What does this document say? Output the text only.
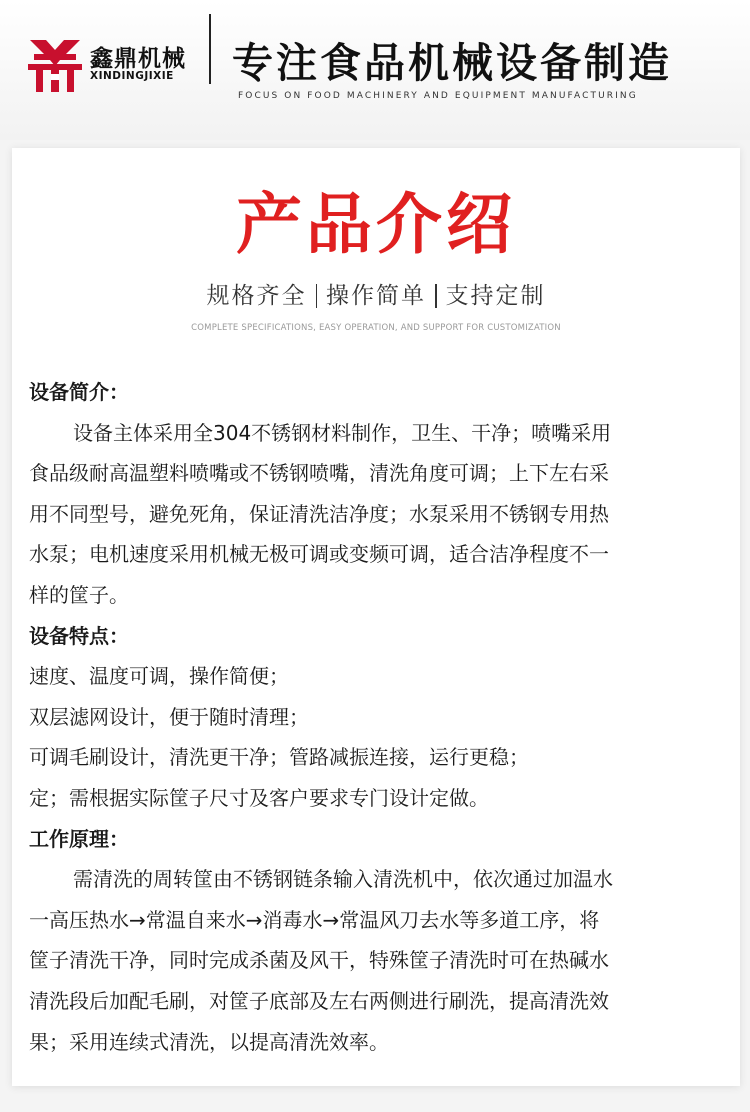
鑫鼎机械
XINDINGJIXIE 专注食品机械设备制造
FOCUS ON FOOD MACHINERY AND EQUIPMENT MANUFACTURING
产品介绍
规格齐全 操作简单 支持定制
COMPLETE SPECIFICATIONS, EASY OPERATION, AND SUPPORT FOR CUSTOMIZATION

设备简介：

设备主体采用全304不锈钢材料制作，卫生、干净；喷嘴采用

食品级耐高温塑料喷嘴或不锈钢喷嘴，清洗角度可调；上下左右采

用不同型号，避免死角，保证清洗洁净度；水泵采用不锈钢专用热

水泵；电机速度采用机械无极可调或变频可调，适合洁净程度不一

样的筐子。

设备特点：

速度、温度可调，操作简便；

双层滤网设计，便于随时清理；

可调毛刷设计，清洗更干净；管路减振连接，运行更稳；

定；需根据实际筐子尺寸及客户要求专门设计定做。

工作原理：

需清洗的周转筐由不锈钢链条输入清洗机中，依次通过加温水

一高压热水→常温自来水→消毒水→常温风刀去水等多道工序，将

筐子清洗干净，同时完成杀菌及风干，特殊筐子清洗时可在热碱水

清洗段后加配毛刷，对筐子底部及左右两侧进行刷洗，提高清洗效

果；采用连续式清洗，以提高清洗效率。
